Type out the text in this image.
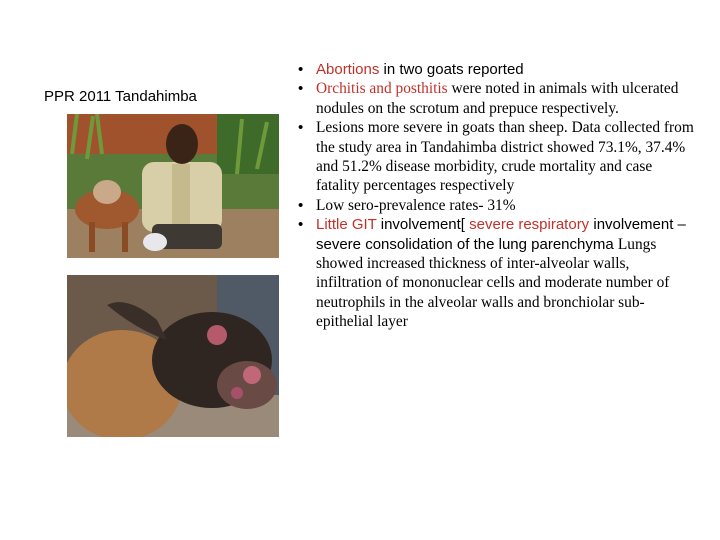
PPR 2011 Tandahimba
• Abortions in two goats reported
• Orchitis and posthitis were noted in animals with ulcerated nodules on the scrotum and prepuce respectively.
• Lesions more severe in goats than sheep. Data collected from the study area in Tandahimba district showed 73.1%, 37.4% and 51.2% disease morbidity, crude mortality and case fatality percentages respectively
• Low sero-prevalence rates- 31%
• Little GIT involvement[ severe respiratory involvement – severe consolidation of the lung parenchyma Lungs showed increased thickness of inter-alveolar walls, infiltration of mononuclear cells and moderate number of neutrophils in the alveolar walls and bronchiolar sub-epithelial layer
